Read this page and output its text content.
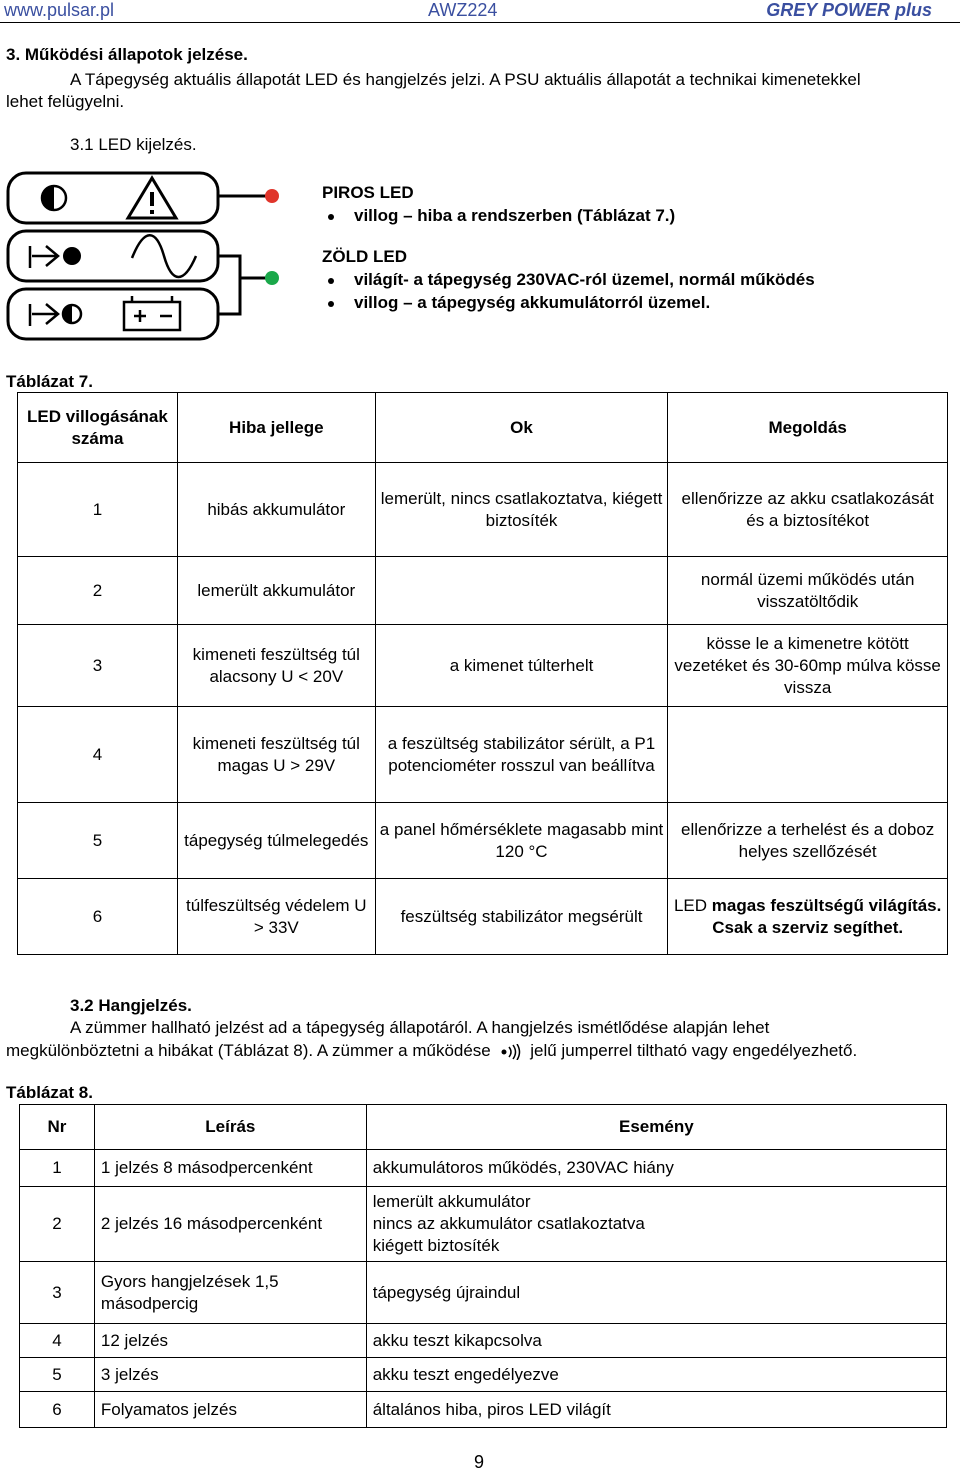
www.pulsar.pl	AWZ224	GREY POWER plus
3. Működési állapotok jelzése.
A Tápegység aktuális állapotát LED és hangjelzés jelzi. A PSU aktuális állapotát a technikai kimenetekkel
lehet felügyelni.
3.1 LED kijelzés.
PIROS LED
villog – hiba a rendszerben (Táblázat 7.)
ZÖLD LED
világít- a tápegység 230VAC-ról üzemel, normál működés
villog – a tápegység akkumulátorról üzemel.
Táblázat 7.
LED villogásának száma	Hiba jellege	Ok	Megoldás
1	hibás akkumulátor	lemerült, nincs csatlakoztatva, kiégett biztosíték	ellenőrizze az akku csatlakozását és a biztosítékot
2	lemerült akkumulátor		normál üzemi működés után visszatöltődik
3	kimeneti feszültség túl alacsony U < 20V	a kimenet túlterhelt	kösse le a kimenetre kötött vezetéket és 30-60mp múlva kösse vissza
4	kimeneti feszültség túl magas U > 29V	a feszültség stabilizátor sérült, a P1 potenciométer rosszul van beállítva	
5	tápegység túlmelegedés	a panel hőmérséklete magasabb mint 120 °C	ellenőrizze a terhelést és a doboz helyes szellőzését
6	túlfeszültség védelem U > 33V	feszültség stabilizátor megsérült	LED magas feszültségű világítás. Csak a szerviz segíthet.
3.2 Hangjelzés.
A zümmer hallható jelzést ad a tápegység állapotáról. A hangjelzés ismétlődése alapján lehet
megkülönböztetni a hibákat (Táblázat 8). A zümmer a működése jelű jumperrel tiltható vagy engedélyezhető.
Táblázat 8.
Nr	Leírás	Esemény
1	1 jelzés 8 másodpercenként	akkumulátoros működés, 230VAC hiány
2	2 jelzés 16 másodpercenként	lemerült akkumulátor
nincs az akkumulátor csatlakoztatva
kiégett biztosíték
3	Gyors hangjelzések 1,5 másodpercig	tápegység újraindul
4	12 jelzés	akku teszt kikapcsolva
5	3 jelzés	akku teszt engedélyezve
6	Folyamatos jelzés	általános hiba, piros LED világít
9
